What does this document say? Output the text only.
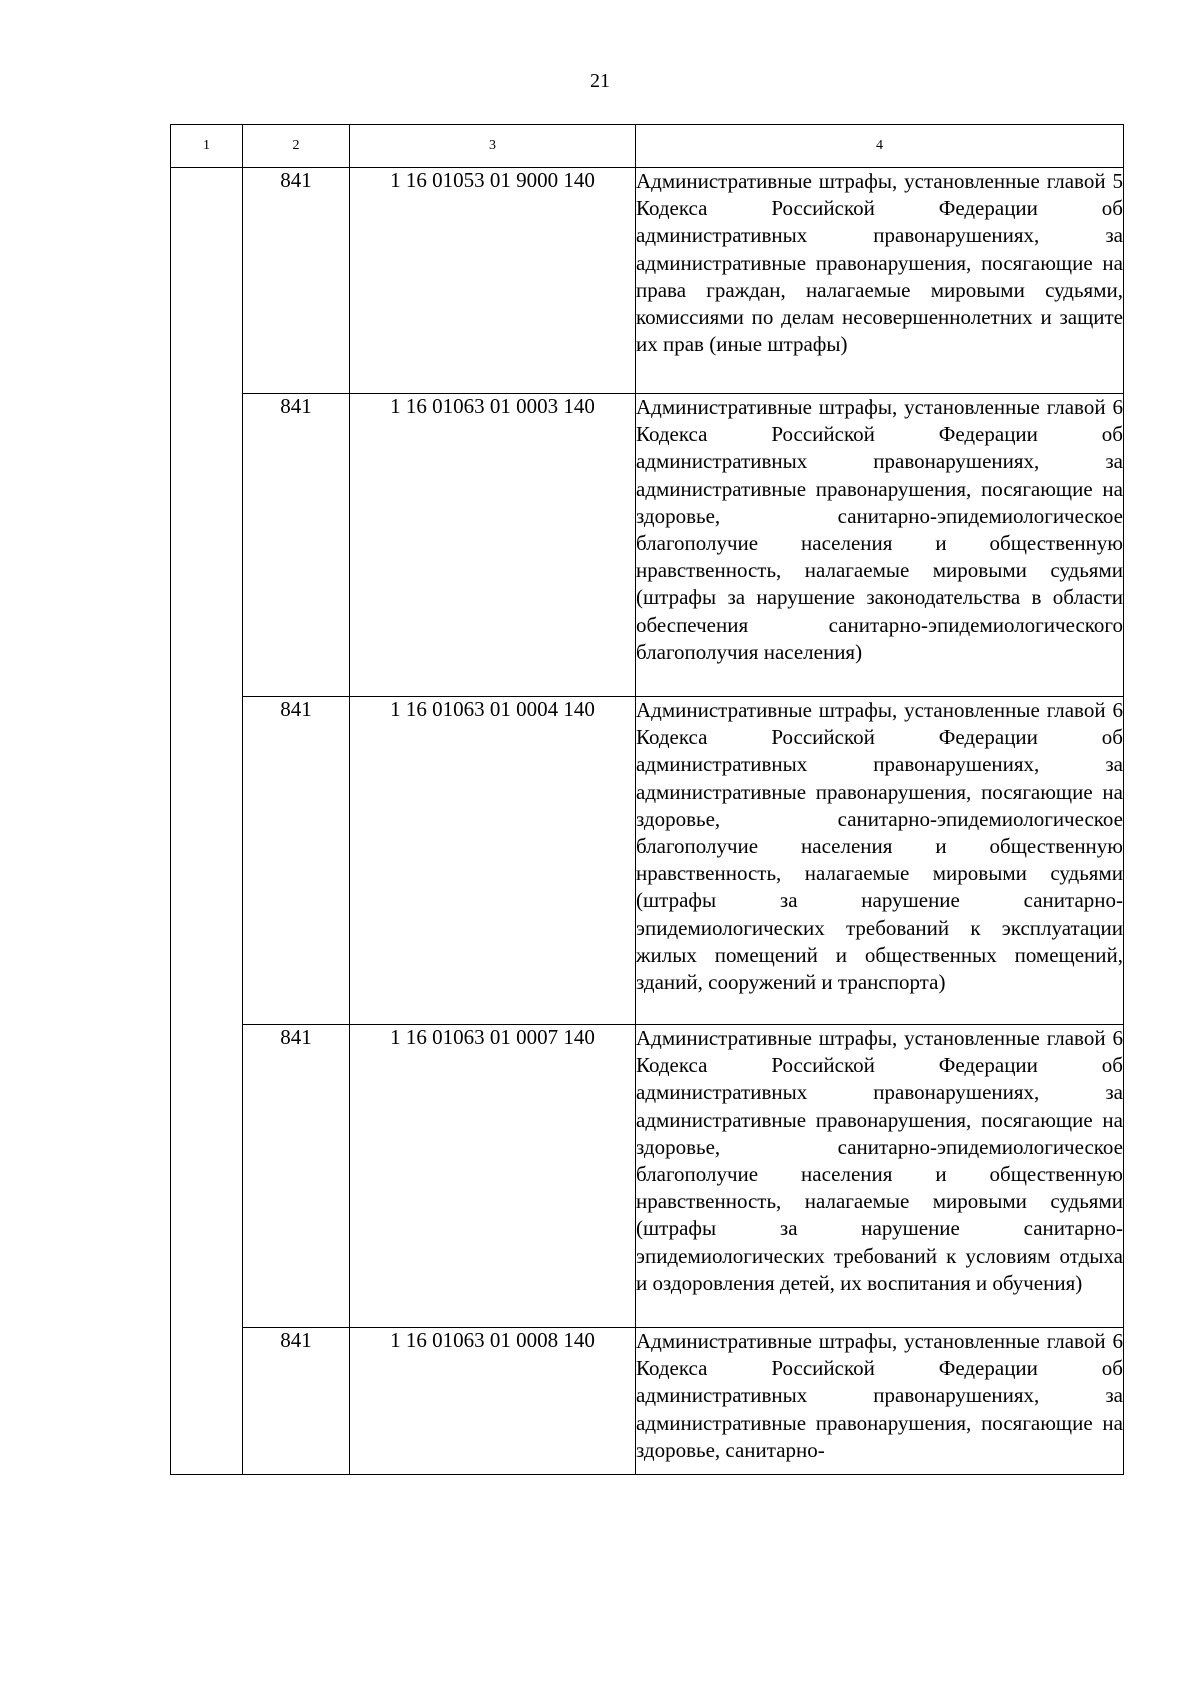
21
1	2	3	4
	841	1 16 01053 01 9000 140	Административные штрафы, установленные главой 5 Кодекса Российской Федерации об административных правонарушениях, за административные правонарушения, посягающие на права граждан, налагаемые мировыми судьями, комиссиями по делам несовершеннолетних и защите их прав (иные штрафы)
	841	1 16 01063 01 0003 140	Административные штрафы, установленные главой 6 Кодекса Российской Федерации об административных правонарушениях, за административные правонарушения, посягающие на здоровье, санитарно-эпидемиологическое благополучие населения и общественную нравственность, налагаемые мировыми судьями (штрафы за нарушение законодательства в области обеспечения санитарно-эпидемиологического благополучия населения)
	841	1 16 01063 01 0004 140	Административные штрафы, установленные главой 6 Кодекса Российской Федерации об административных правонарушениях, за административные правонарушения, посягающие на здоровье, санитарно-эпидемиологическое благополучие населения и общественную нравственность, налагаемые мировыми судьями (штрафы за нарушение санитарно-эпидемиологических требований к эксплуатации жилых помещений и общественных помещений, зданий, сооружений и транспорта)
	841	1 16 01063 01 0007 140	Административные штрафы, установленные главой 6 Кодекса Российской Федерации об административных правонарушениях, за административные правонарушения, посягающие на здоровье, санитарно-эпидемиологическое благополучие населения и общественную нравственность, налагаемые мировыми судьями (штрафы за нарушение санитарно-эпидемиологических требований к условиям отдыха и оздоровления детей, их воспитания и обучения)
	841	1 16 01063 01 0008 140	Административные штрафы, установленные главой 6 Кодекса Российской Федерации об административных правонарушениях, за административные правонарушения, посягающие на здоровье, санитарно-
